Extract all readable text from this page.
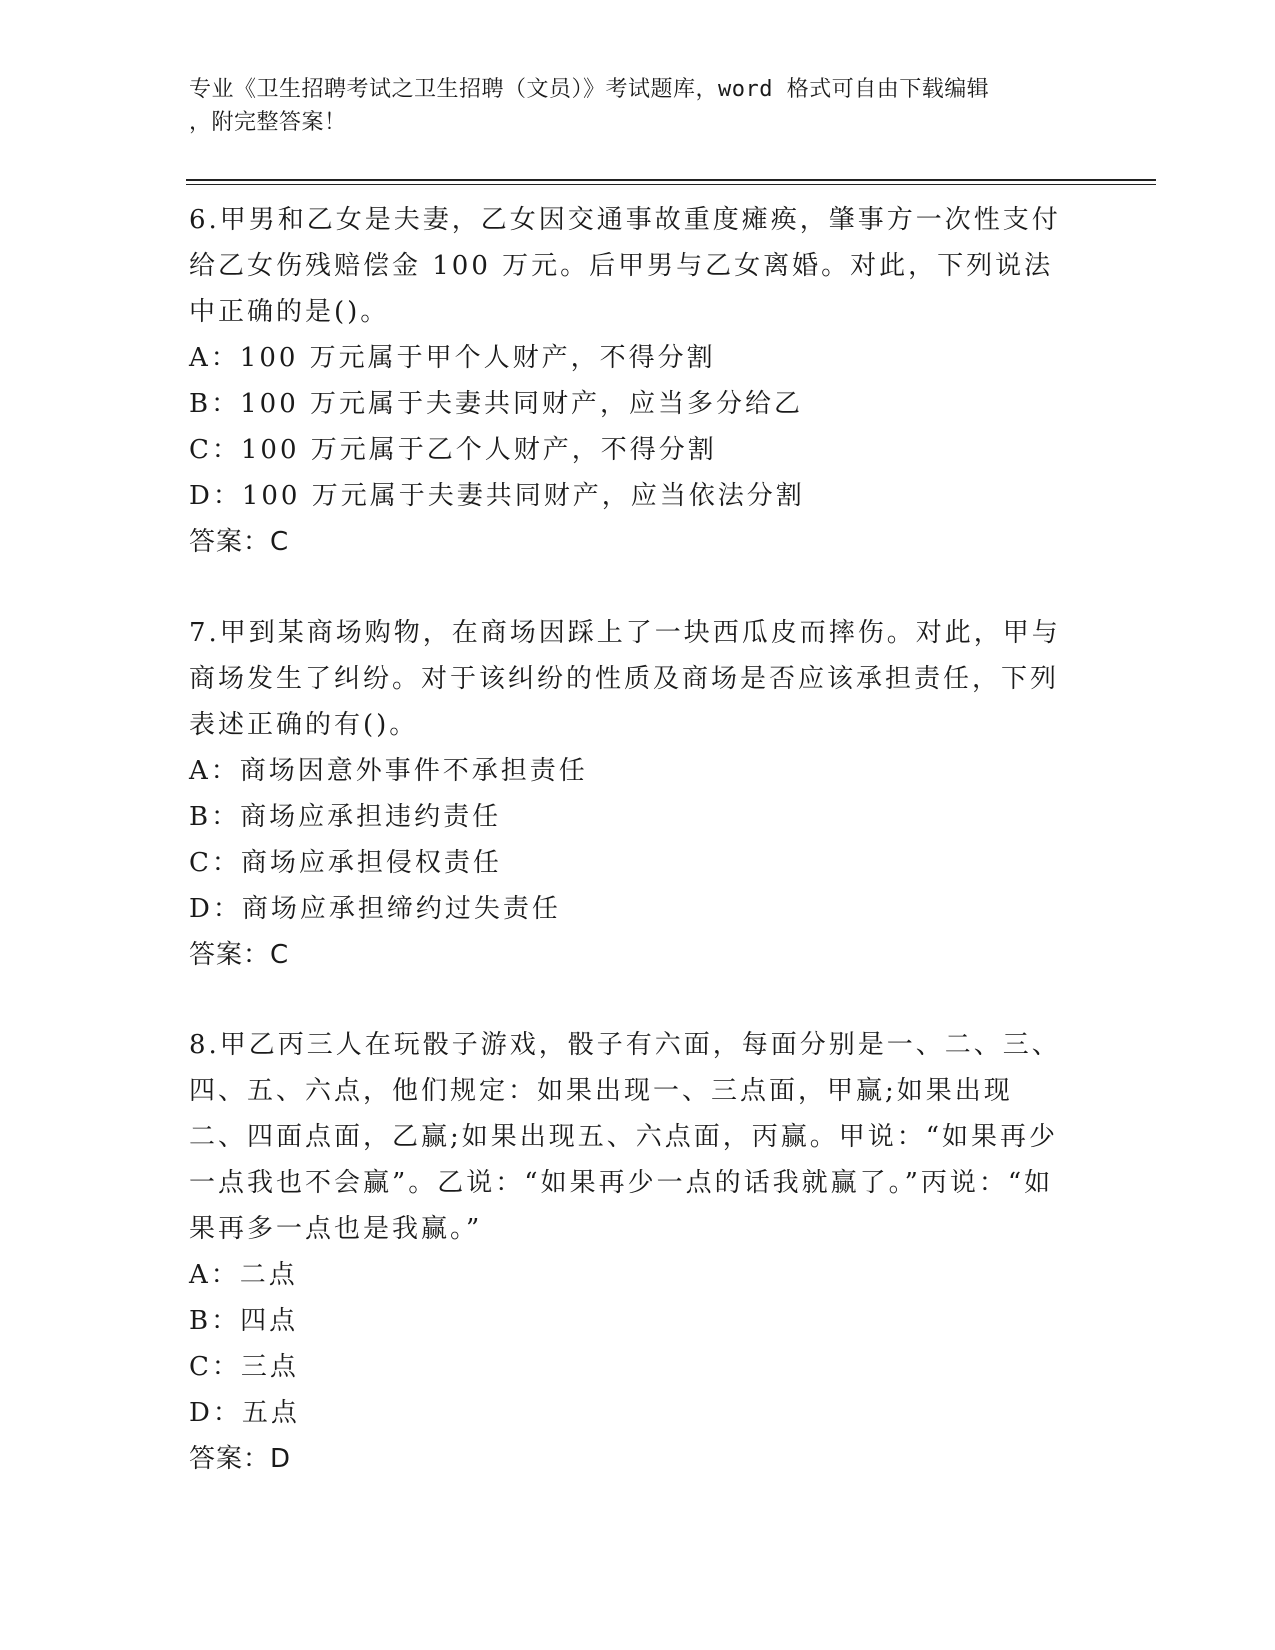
专业《卫生招聘考试之卫生招聘（文员）》考试题库，word 格式可自由下载编辑
，附完整答案！

6.甲男和乙女是夫妻，乙女因交通事故重度瘫痪，肇事方一次性支付给乙女伤残赔偿金 100 万元。后甲男与乙女离婚。对此，下列说法中正确的是()。

A：100 万元属于甲个人财产，不得分割

B：100 万元属于夫妻共同财产，应当多分给乙

C：100 万元属于乙个人财产，不得分割

D：100 万元属于夫妻共同财产，应当依法分割

答案：C

7.甲到某商场购物，在商场因踩上了一块西瓜皮而摔伤。对此，甲与商场发生了纠纷。对于该纠纷的性质及商场是否应该承担责任，下列表述正确的有()。

A：商场因意外事件不承担责任

B：商场应承担违约责任

C：商场应承担侵权责任

D：商场应承担缔约过失责任

答案：C

8.甲乙丙三人在玩骰子游戏，骰子有六面，每面分别是一、二、三、四、五、六点，他们规定：如果出现一、三点面，甲赢;如果出现二、四面点面，乙赢;如果出现五、六点面，丙赢。甲说：“如果再少一点我也不会赢”。乙说：“如果再少一点的话我就赢了。”丙说：“如果再多一点也是我赢。”

A：二点

B：四点

C：三点

D：五点

答案：D
